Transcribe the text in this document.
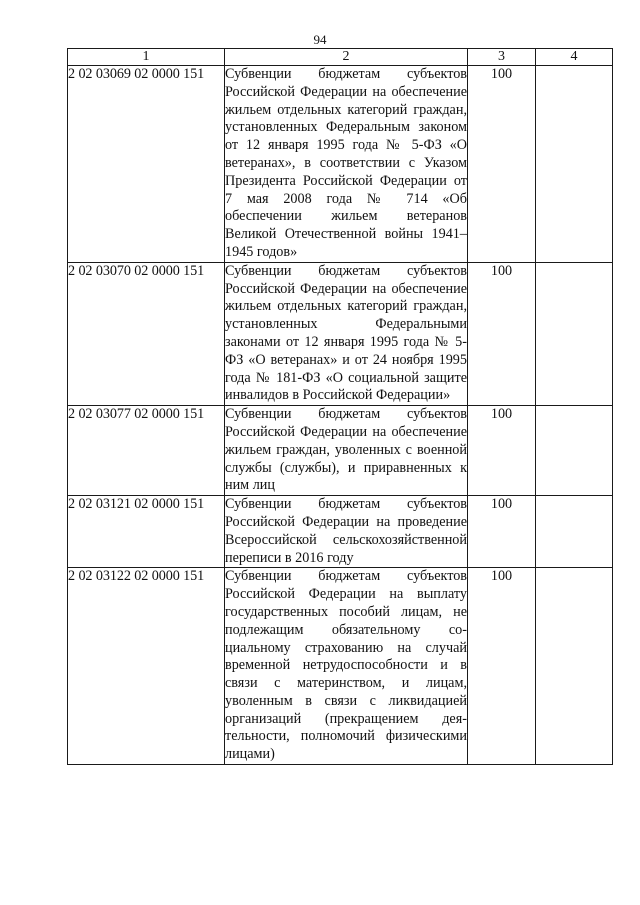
94
1	2	3	4
2 02 03069 02 0000 151	Субвенции бюджетам субъектов Российской Федерации на обеспечение жильем отдельных категорий граждан, установленных Федеральным законом от 12 января 1995 года № 5-ФЗ «О ветеранах», в соответствии с Указом Президента Российской Федерации от 7 мая 2008 года № 714 «Об обеспечении жильем ветеранов Великой Отечественной войны 1941–1945 годов»	100	
2 02 03070 02 0000 151	Субвенции бюджетам субъектов Российской Федерации на обеспечение жильем отдельных категорий граждан, установленных Федеральными законами от 12 января 1995 года № 5-ФЗ «О ветеранах» и от 24 ноября 1995 года № 181-ФЗ «О социальной защите инвалидов в Российской Федерации»	100	
2 02 03077 02 0000 151	Субвенции бюджетам субъектов Российской Федерации на обеспечение жильем граждан, уволенных с военной службы (службы), и приравненных к ним лиц	100	
2 02 03121 02 0000 151	Субвенции бюджетам субъектов Российской Федерации на проведение Всероссийской сельскохозяйственной переписи в 2016 году	100	
2 02 03122 02 0000 151	Субвенции бюджетам субъектов Российской Федерации на выплату государственных пособий лицам, не подлежащим обязательному социальному страхованию на случай временной нетрудоспособности и в связи с материнством, и лицам, уволенным в связи с ликвидацией организаций (прекращением деятельности, полномочий физическими лицами)	100	
